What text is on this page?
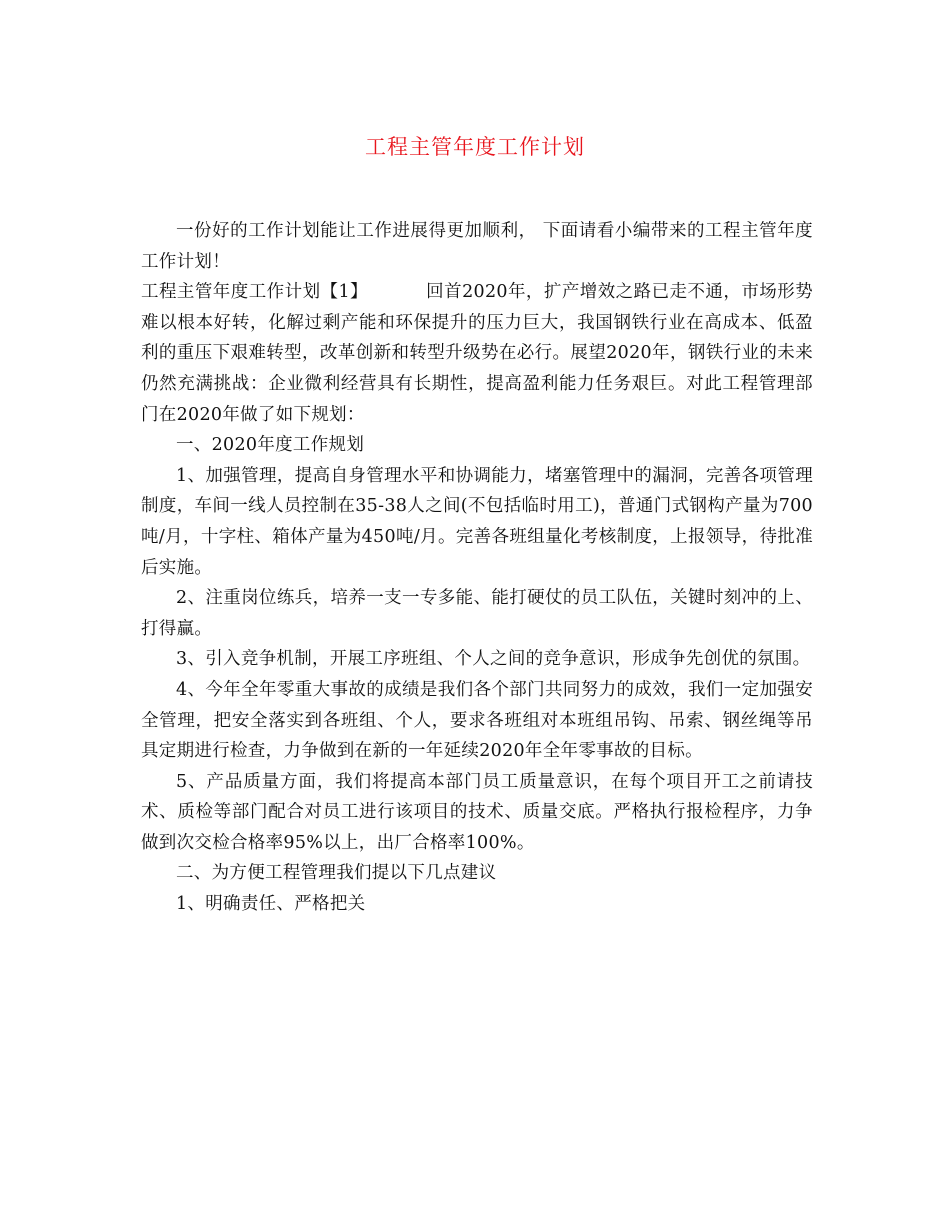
工程主管年度工作计划

一份好的工作计划能让工作进展得更加顺利， 下面请看小编带来的工程主管年度工作计划！

工程主管年度工作计划【1】	回首2020年，扩产增效之路已走不通，市场形势难以根本好转，化解过剩产能和环保提升的压力巨大，我国钢铁行业在高成本、低盈利的重压下艰难转型，改革创新和转型升级势在必行。展望2020年，钢铁行业的未来仍然充满挑战：企业微利经营具有长期性，提高盈利能力任务艰巨。对此工程管理部门在2020年做了如下规划：

一、2020年度工作规划

1、加强管理，提高自身管理水平和协调能力，堵塞管理中的漏洞，完善各项管理制度，车间一线人员控制在35-38人之间(不包括临时用工)，普通门式钢构产量为700吨/月，十字柱、箱体产量为450吨/月。完善各班组量化考核制度，上报领导，待批准后实施。

2、注重岗位练兵，培养一支一专多能、能打硬仗的员工队伍，关键时刻冲的上、打得赢。

3、引入竞争机制，开展工序班组、个人之间的竞争意识，形成争先创优的氛围。

4、今年全年零重大事故的成绩是我们各个部门共同努力的成效，我们一定加强安全管理，把安全落实到各班组、个人，要求各班组对本班组吊钩、吊索、钢丝绳等吊具定期进行检查，力争做到在新的一年延续2020年全年零事故的目标。

5、产品质量方面，我们将提高本部门员工质量意识，在每个项目开工之前请技术、质检等部门配合对员工进行该项目的技术、质量交底。严格执行报检程序，力争做到次交检合格率95%以上，出厂合格率100%。

二、为方便工程管理我们提以下几点建议

1、明确责任、严格把关
